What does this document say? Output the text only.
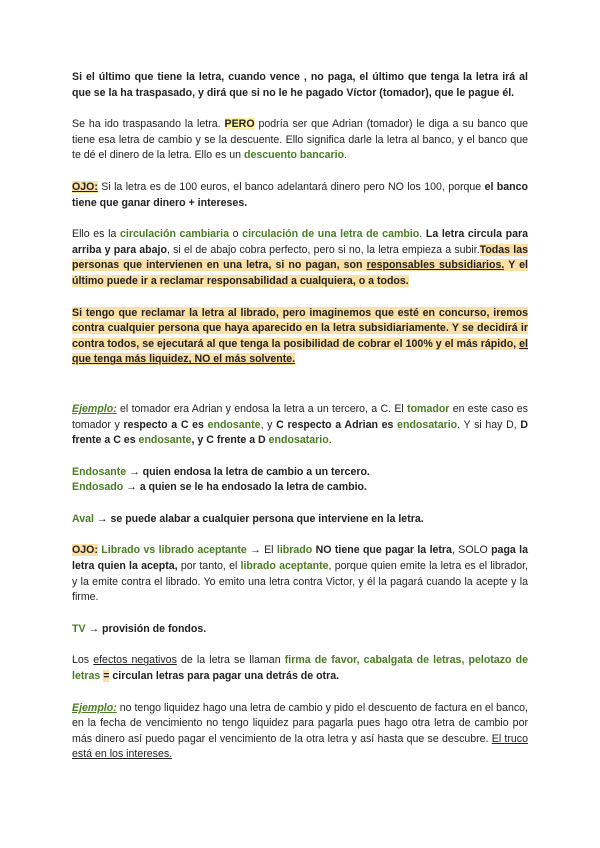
Si el último que tiene la letra, cuando vence , no paga, el último que tenga la letra irá al que se la ha traspasado, y dirá que si no le he pagado Víctor (tomador), que le pague él.

Se ha ido traspasando la letra. PERO podría ser que Adrian (tomador) le diga a su banco que tiene esa letra de cambio y se la descuente. Ello significa darle la letra al banco, y el banco que te dé el dinero de la letra. Ello es un descuento bancario.

OJO: Si la letra es de 100 euros, el banco adelantará dinero pero NO los 100, porque el banco tiene que ganar dinero + intereses.

Ello es la circulación cambiaria o circulación de una letra de cambio. La letra circula para arriba y para abajo, si el de abajo cobra perfecto, pero si no, la letra empieza a subir.Todas las personas que intervienen en una letra, si no pagan, son responsables subsidiarios. Y el último puede ir a reclamar responsabilidad a cualquiera, o a todos.

Si tengo que reclamar la letra al librado, pero imaginemos que esté en concurso, iremos contra cualquier persona que haya aparecido en la letra subsidiariamente. Y se decidirá ir contra todos, se ejecutará al que tenga la posibilidad de cobrar el 100% y el más rápido, el que tenga más liquidez, NO el más solvente.

Ejemplo: el tomador era Adrian y endosa la letra a un tercero, a C. El tomador en este caso es tomador y respecto a C es endosante, y C respecto a Adrian es endosatario. Y si hay D, D frente a C es endosante, y C frente a D endosatario.

Endosante → quien endosa la letra de cambio a un tercero.
Endosado → a quien se le ha endosado la letra de cambio.

Aval → se puede alabar a cualquier persona que interviene en la letra.

OJO: Librado vs librado aceptante → El librado NO tiene que pagar la letra, SOLO paga la letra quien la acepta, por tanto, el librado aceptante, porque quien emite la letra es el librador, y la emite contra el librado. Yo emito una letra contra Victor, y él la pagará cuando la acepte y la firme.

TV → provisión de fondos.

Los efectos negativos de la letra se llaman firma de favor, cabalgata de letras, pelotazo de letras = circulan letras para pagar una detrás de otra.

Ejemplo: no tengo liquidez hago una letra de cambio y pido el descuento de factura en el banco, en la fecha de vencimiento no tengo liquidez para pagarla pues hago otra letra de cambio por más dinero así puedo pagar el vencimiento de la otra letra y así hasta que se descubre. El truco está en los intereses.
